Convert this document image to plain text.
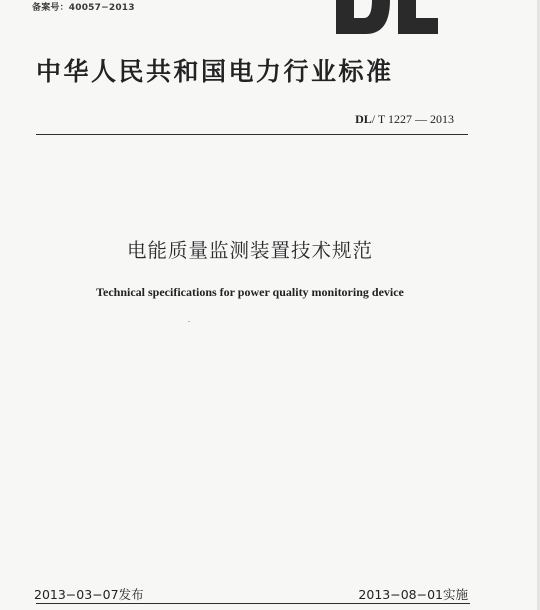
备案号：40057−2013
中华人民共和国电力行业标准
DL/ T 1227 — 2013
电能质量监测装置技术规范
Technical specifications for power quality monitoring device
2013−03−07发布	2013−08−01实施
